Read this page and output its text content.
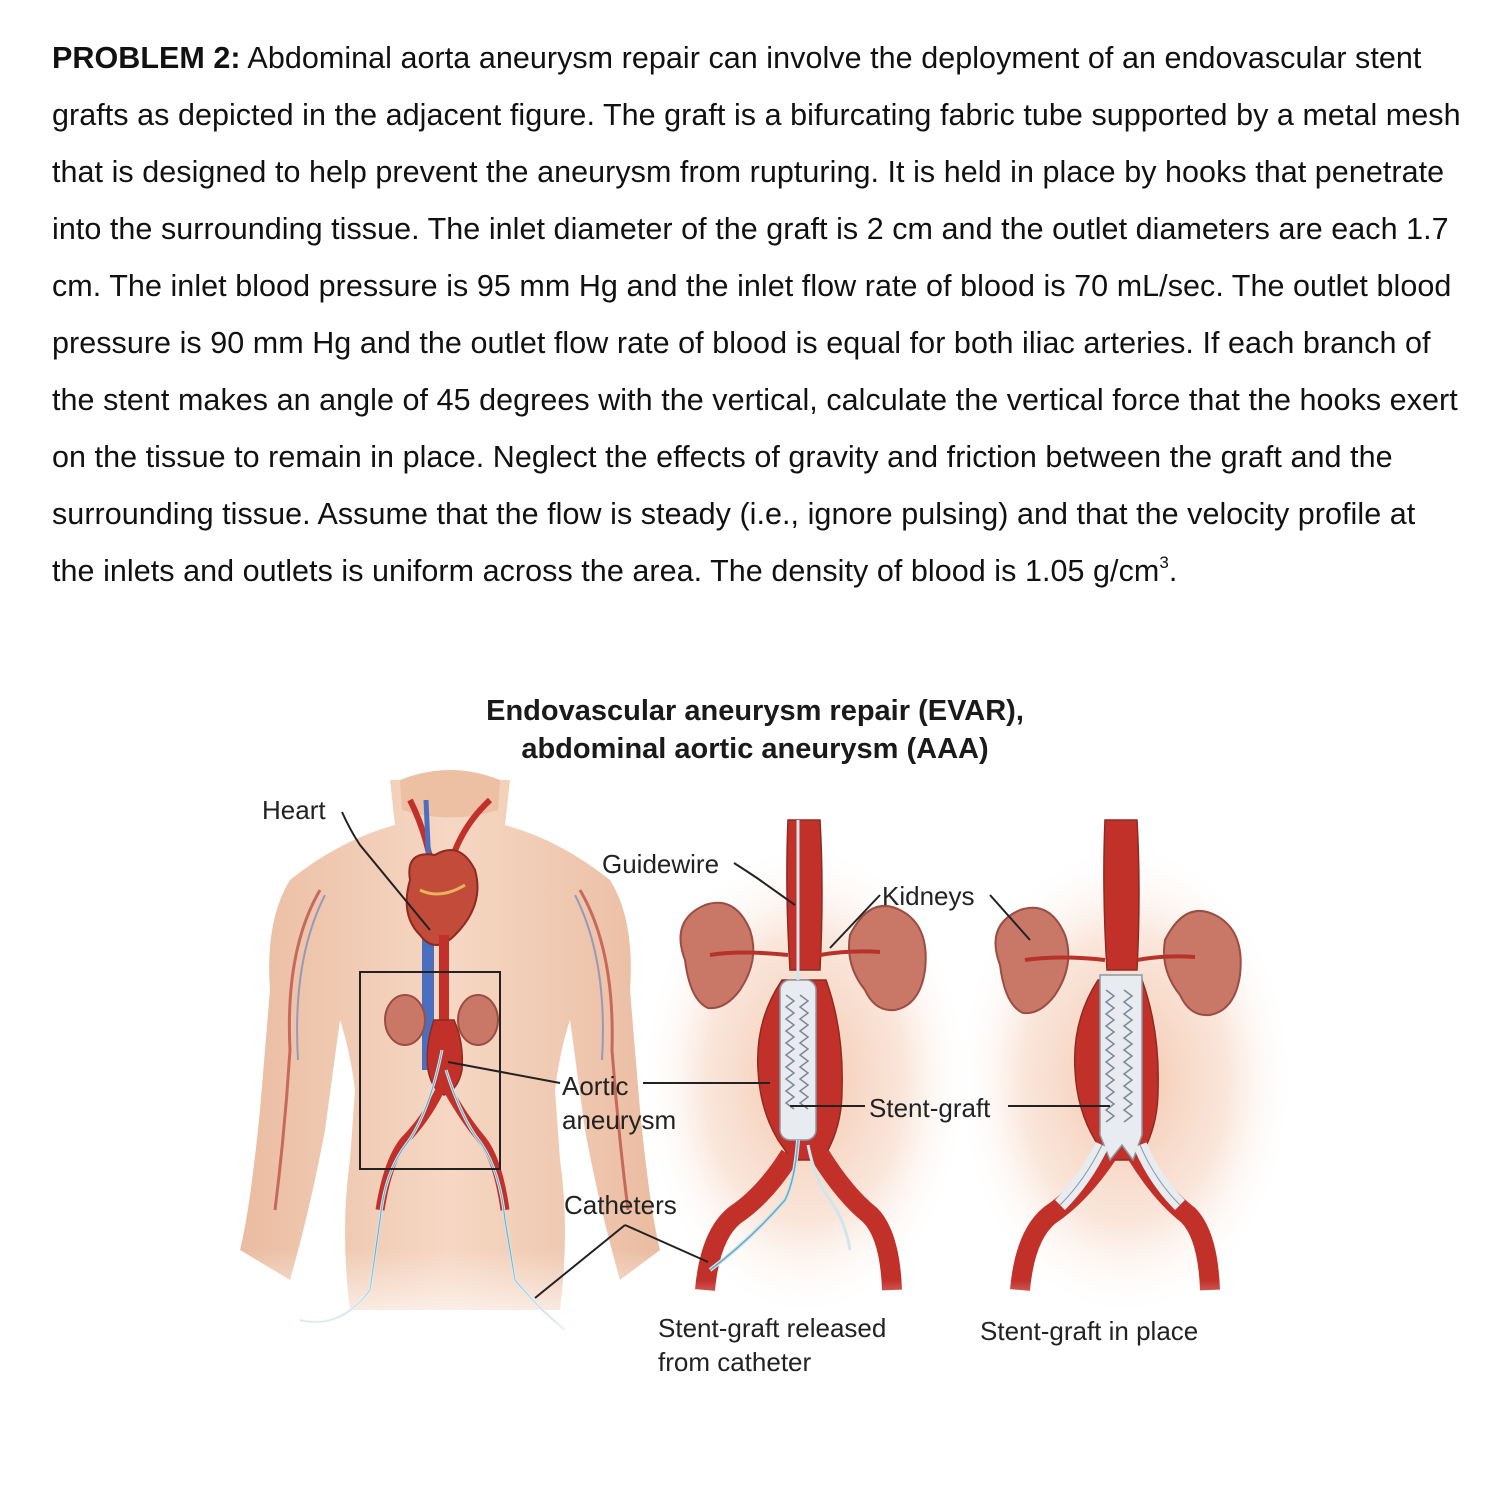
PROBLEM 2: Abdominal aorta aneurysm repair can involve the deployment of an endovascular stent grafts as depicted in the adjacent figure. The graft is a bifurcating fabric tube supported by a metal mesh that is designed to help prevent the aneurysm from rupturing. It is held in place by hooks that penetrate into the surrounding tissue. The inlet diameter of the graft is 2 cm and the outlet diameters are each 1.7 cm. The inlet blood pressure is 95 mm Hg and the inlet flow rate of blood is 70 mL/sec. The outlet blood pressure is 90 mm Hg and the outlet flow rate of blood is equal for both iliac arteries. If each branch of the stent makes an angle of 45 degrees with the vertical, calculate the vertical force that the hooks exert on the tissue to remain in place. Neglect the effects of gravity and friction between the graft and the surrounding tissue. Assume that the flow is steady (i.e., ignore pulsing) and that the velocity profile at the inlets and outlets is uniform across the area. The density of blood is 1.05 $g/cm^3$.
Endovascular aneurysm repair (EVAR),
abdominal aortic aneurysm (AAA)
Heart
Guidewire
Kidneys
Aortic
aneurysm	Stent-graft
Catheters
Stent-graft released
from catheter
Stent-graft in place
